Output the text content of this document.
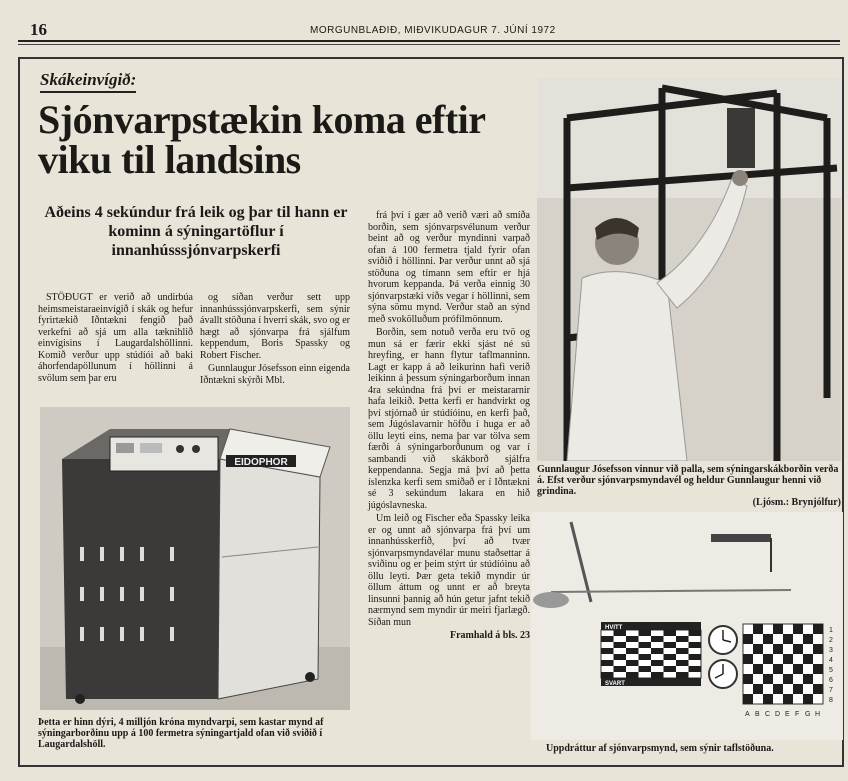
16	MORGUNBLAÐIÐ, MIÐVIKUDAGUR 7. JÚNÍ 1972
Skákeinvígið:
Sjónvarpstækin koma eftir viku til landsins
Aðeins 4 sekúndur frá leik og þar til hann er kominn á sýningartöflur í innanhússsjónvarpskerfi

STÖÐUGT er verið að undirbúa heimsmeistaraeinvígið í skák og hefur fyrirtækið Iðntækni fengið það verkefni að sjá um alla tæknihlið einvígisins í Laugardalshöllinni. Komið verður upp stúdíói að baki áhorfendapöllunum í höllinni á svölum sem þar eru

og síðan verður sett upp innanhússsjónvarpskerfi, sem sýnir ávallt stöðuna í hverri skák, svo og er hægt að sjónvarpa frá sjálfum keppendum, Boris Spassky og Robert Fischer.

Gunnlaugur Jósefsson einn eigenda Iðntækni skýrði Mbl.

frá því í gær að verið væri að smíða borðin, sem sjónvarpsvélunum verður beint að og verður myndinni varpað ofan á 100 fermetra tjald fyrir ofan sviðið í höllinni. Þar verður unnt að sjá stöðuna og tímann sem eftir er hjá hvorum keppanda. Þá verða einnig 30 sjónvarpstæki víðs vegar í höllinni, sem sýna sömu mynd. Verður stað an sýnd með svokölluðum prófílmönnum.

Borðin, sem notuð verða eru tvö og mun sá er færir ekki sjást né sú hreyfing, er hann flytur taflmanninn. Lagt er kapp á að leikurinn hafi verið leikinn á þessum sýningarborðum innan 4ra sekúndna frá því er meistararnir hafa leikið. Þetta kerfi er handvirkt og því stjórnað úr stúdíóinu, en kerfi það, sem Júgóslavarnir höfðu í huga er að öllu leyti eins, nema þar var tölva sem færði á sýningarborðunum og var í sambandi við skákborð sjálfra keppendanna. Segja má því að þetta íslenzka kerfi sem smíðað er í Iðntækni sé 3 sekúndum lakara en hið júgóslavneska.

Um leið og Fischer eða Spassky leika er og unnt að sjónvarpa frá því um innanhússkerfið, því að tvær sjónvarpsmyndavélar munu staðsettar á sviðinu og er þeim stýrt úr stúdíóinu að öllu leyti. Þær geta tekið myndir úr öllum áttum og unnt er að breyta linsunni þannig að hún getur jafnt tekið nærmynd sem myndir úr meiri fjarlægð. Síðan mun

Framhald á bls. 23
EIDOPHOR
Þetta er hinn dýri, 4 milljón króna myndvarpi, sem kastar mynd af sýningarborðinu upp á 100 fermetra sýningartjald ofan við sviðið í Laugardalshöll.
Gunnlaugur Jósefsson vinnur við palla, sem sýningarskákborðin verða á. Efst verður sjónvarpsmyndavél og heldur Gunnlaugur henni við grindina.
(Ljósm.: Brynjólfur)
HVITT
SVART
1
2
3
4
5
6
7
8
A B C D E F G H
Uppdráttur af sjónvarpsmynd, sem sýnir taflstöðuna.
